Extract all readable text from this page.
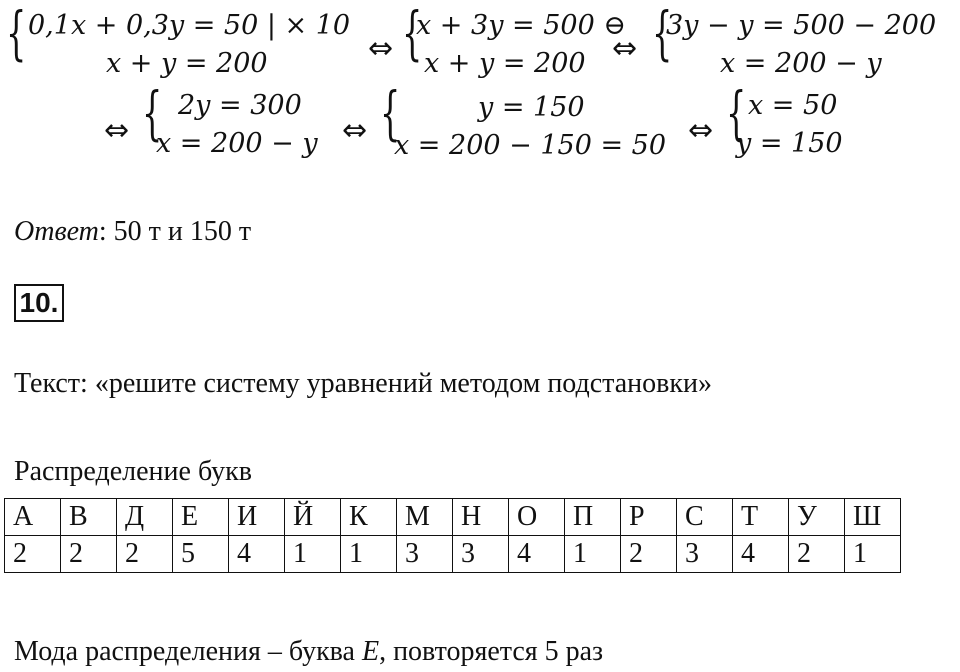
{ 0,1x + 0,3y = 50 | × 10
x + y = 200	⇔ {
x + 3y = 500 ⊖
x + y = 200 ⇔ {
3y − y = 500 − 200
x = 200 − y
⇔ { 2y = 300
x = 200 − y ⇔ {	y = 150
x = 200 − 150 = 50 ⇔ { x = 50
y = 150
Ответ: 50 т и 150 т
10.
Текст: «решите систему уравнений методом подстановки»
Распределение букв
А	В	Д	Е	И	Й	К	М	Н	О	П	Р	С	Т	У	Ш
2	2	2	5	4	1	1	3	3	4	1	2	3	4	2	1
Мода распределения – буква E, повторяется 5 раз
